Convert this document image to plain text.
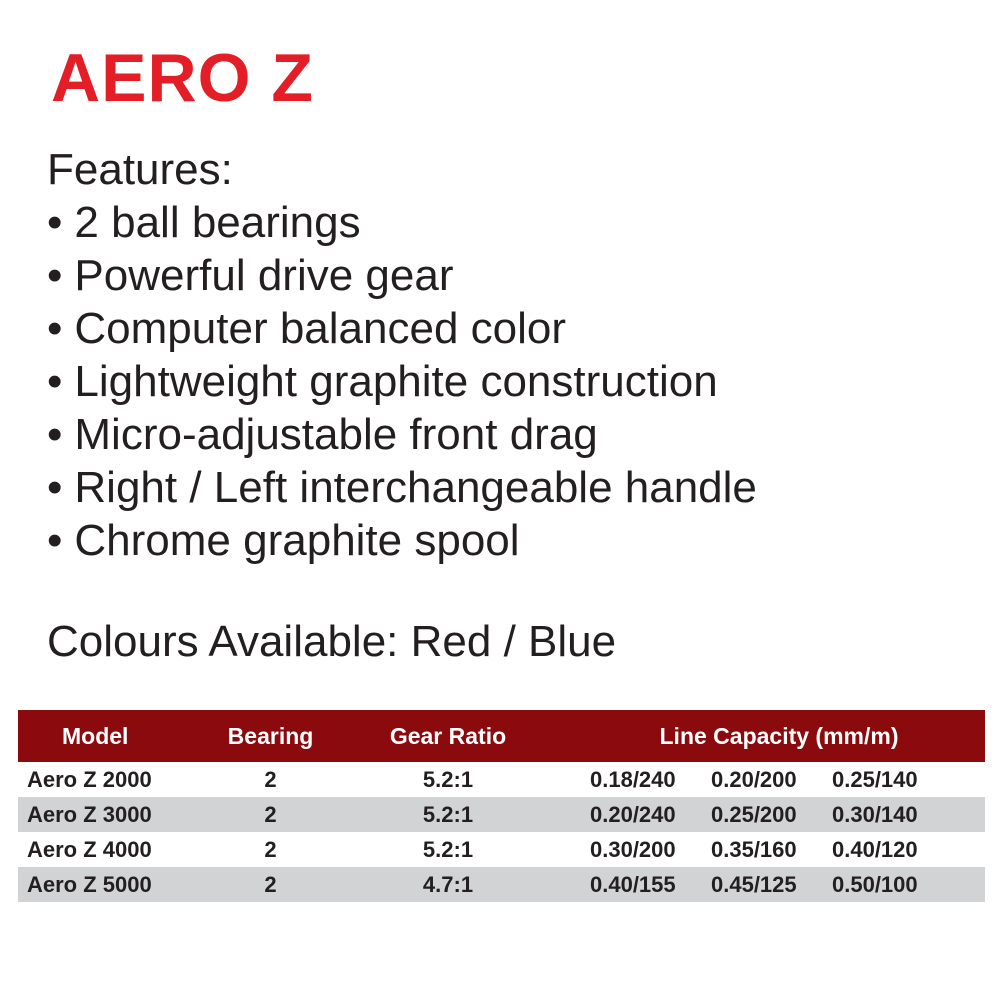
AERO Z
Features:
• 2 ball bearings
• Powerful drive gear
• Computer balanced color
• Lightweight graphite construction
• Micro-adjustable front drag
• Right / Left interchangeable handle
• Chrome graphite spool

Colours Available: Red / Blue

Model	Bearing	Gear Ratio	Line Capacity (mm/m)
Aero Z 2000	2	5.2:1	0.18/240 0.20/200 0.25/140

Aero Z 3000	2	5.2:1	0.20/240 0.25/200 0.30/140

Aero Z 4000	2	5.2:1	0.30/200 0.35/160 0.40/120

Aero Z 5000	2	4.7:1	0.40/155 0.45/125 0.50/100
